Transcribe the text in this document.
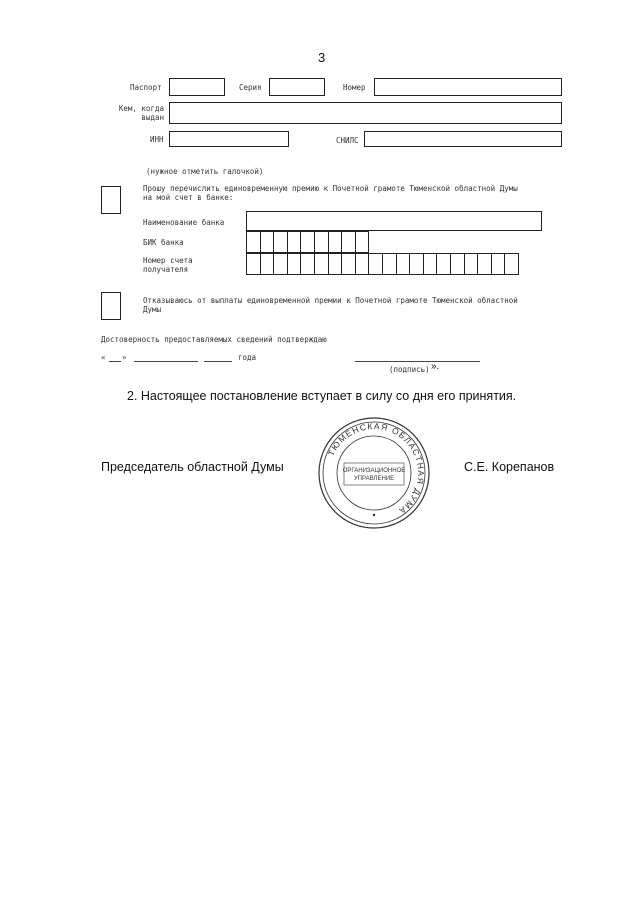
3
Паспорт	Серия	Номер
Кем, когда
выдан
ИНН	СНИЛС
(нужное отметить галочкой)
Прошу перечислить единовременную премию к Почетной грамоте Тюменской областной Думы
на мой счет в банке:
Наименование банка
БИК банка
Номер счета
получателя
Отказываюсь от выплаты единовременной премии к Почетной грамоте Тюменской областной
Думы
Достоверность предоставляемых сведений подтверждаю
« »	года
(подпись) ».
2. Настоящее постановление вступает в силу со дня его принятия.
Председатель областной Думы	С.Е. Корепанов
ТЮМЕНСКАЯ ОБЛАСТНАЯ ДУМА
ОРГАНИЗАЦИОННОЕ
УПРАВЛЕНИЕ
